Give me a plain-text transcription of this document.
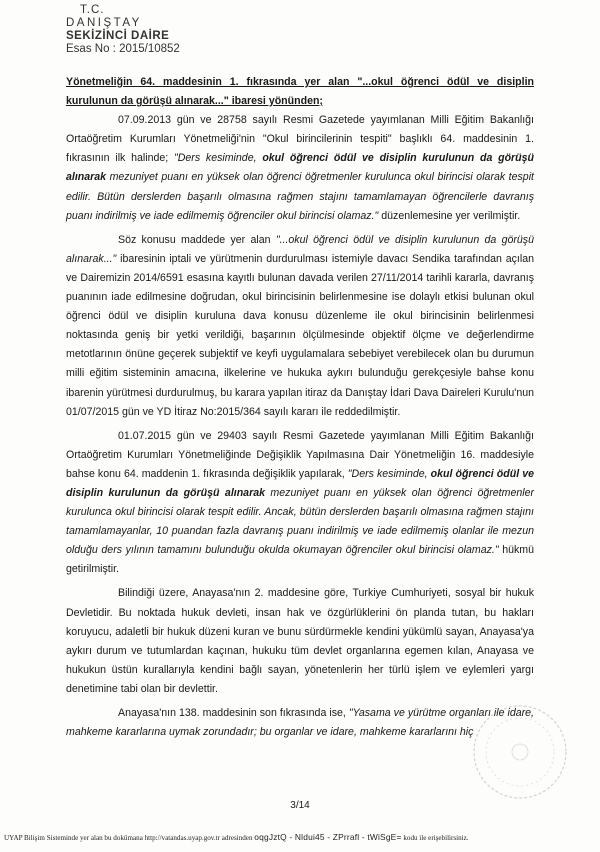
T.C.
DANIŞTAY
SEKİZİNCİ DAİRE
Esas No : 2015/10852
Yönetmeliğin 64. maddesinin 1. fıkrasında yer alan "...okul öğrenci ödül ve disiplin kurulunun da görüşü alınarak..." ibaresi yönünden;

07.09.2013 gün ve 28758 sayılı Resmi Gazetede yayımlanan Milli Eğitim Bakanlığı Ortaöğretim Kurumları Yönetmeliği'nin "Okul birincilerinin tespiti" başlıklı 64. maddesinin 1. fıkrasının ilk halinde; "Ders kesiminde, okul öğrenci ödül ve disiplin kurulunun da görüşü alınarak mezuniyet puanı en yüksek olan öğrenci öğretmenler kurulunca okul birincisi olarak tespit edilir. Bütün derslerden başarılı olmasına rağmen stajını tamamlamayan öğrencilerle davranış puanı indirilmiş ve iade edilmemiş öğrenciler okul birincisi olamaz." düzenlemesine yer verilmiştir.

Söz konusu maddede yer alan "...okul öğrenci ödül ve disiplin kurulunun da görüşü alınarak..." ibaresinin iptali ve yürütmenin durdurulması istemiyle davacı Sendika tarafından açılan ve Dairemizin 2014/6591 esasına kayıtlı bulunan davada verilen 27/11/2014 tarihli kararla, davranış puanının iade edilmesine doğrudan, okul birincisinin belirlenmesine ise dolaylı etkisi bulunan okul öğrenci ödül ve disiplin kuruluna dava konusu düzenleme ile okul birincisinin belirlenmesi noktasında geniş bir yetki verildiği, başarının ölçülmesinde objektif ölçme ve değerlendirme metotlarının önüne geçerek subjektif ve keyfi uygulamalara sebebiyet verebilecek olan bu durumun milli eğitim sisteminin amacına, ilkelerine ve hukuka aykırı bulunduğu gerekçesiyle bahse konu ibarenin yürütmesi durdurulmuş, bu karara yapılan itiraz da Danıştay İdari Dava Daireleri Kurulu'nun 01/07/2015 gün ve YD İtiraz No:2015/364 sayılı kararı ile reddedilmiştir.

01.07.2015 gün ve 29403 sayılı Resmi Gazetede yayımlanan Milli Eğitim Bakanlığı Ortaöğretim Kurumları Yönetmeliğinde Değişiklik Yapılmasına Dair Yönetmeliğin 16. maddesiyle bahse konu 64. maddenin 1. fıkrasında değişiklik yapılarak, "Ders kesiminde, okul öğrenci ödül ve disiplin kurulunun da görüşü alınarak mezuniyet puanı en yüksek olan öğrenci öğretmenler kurulunca okul birincisi olarak tespit edilir. Ancak, bütün derslerden başarılı olmasına rağmen stajını tamamlamayanlar, 10 puandan fazla davranış puanı indirilmiş ve iade edilmemiş olanlar ile mezun olduğu ders yılının tamamını bulunduğu okulda okumayan öğrenciler okul birincisi olamaz." hükmü getirilmiştir.

Bilindiği üzere, Anayasa'nın 2. maddesine göre, Turkiye Cumhuriyeti, sosyal bir hukuk Devletidir. Bu noktada hukuk devleti, insan hak ve özgürlüklerini ön planda tutan, bu hakları koruyucu, adaletli bir hukuk düzeni kuran ve bunu sürdürmekle kendini yükümlü sayan, Anayasa'ya aykırı durum ve tutumlardan kaçınan, hukuku tüm devlet organlarına egemen kılan, Anayasa ve hukukun üstün kurallarıyla kendini bağlı sayan, yönetenlerin her türlü işlem ve eylemleri yargı denetimine tabi olan bir devlettir.

Anayasa'nın 138. maddesinin son fıkrasında ise, "Yasama ve yürütme organları ile idare, mahkeme kararlarına uymak zorundadır; bu organlar ve idare, mahkeme kararlarını hiç

3/14
UYAP Bilişim Sisteminde yer alan bu dokümana http://vatandas.uyap.gov.tr adresinden oqgJztQ - Nldui45 - ZPrrafl - tWiSgE= kodu ile erişebilirsiniz.
